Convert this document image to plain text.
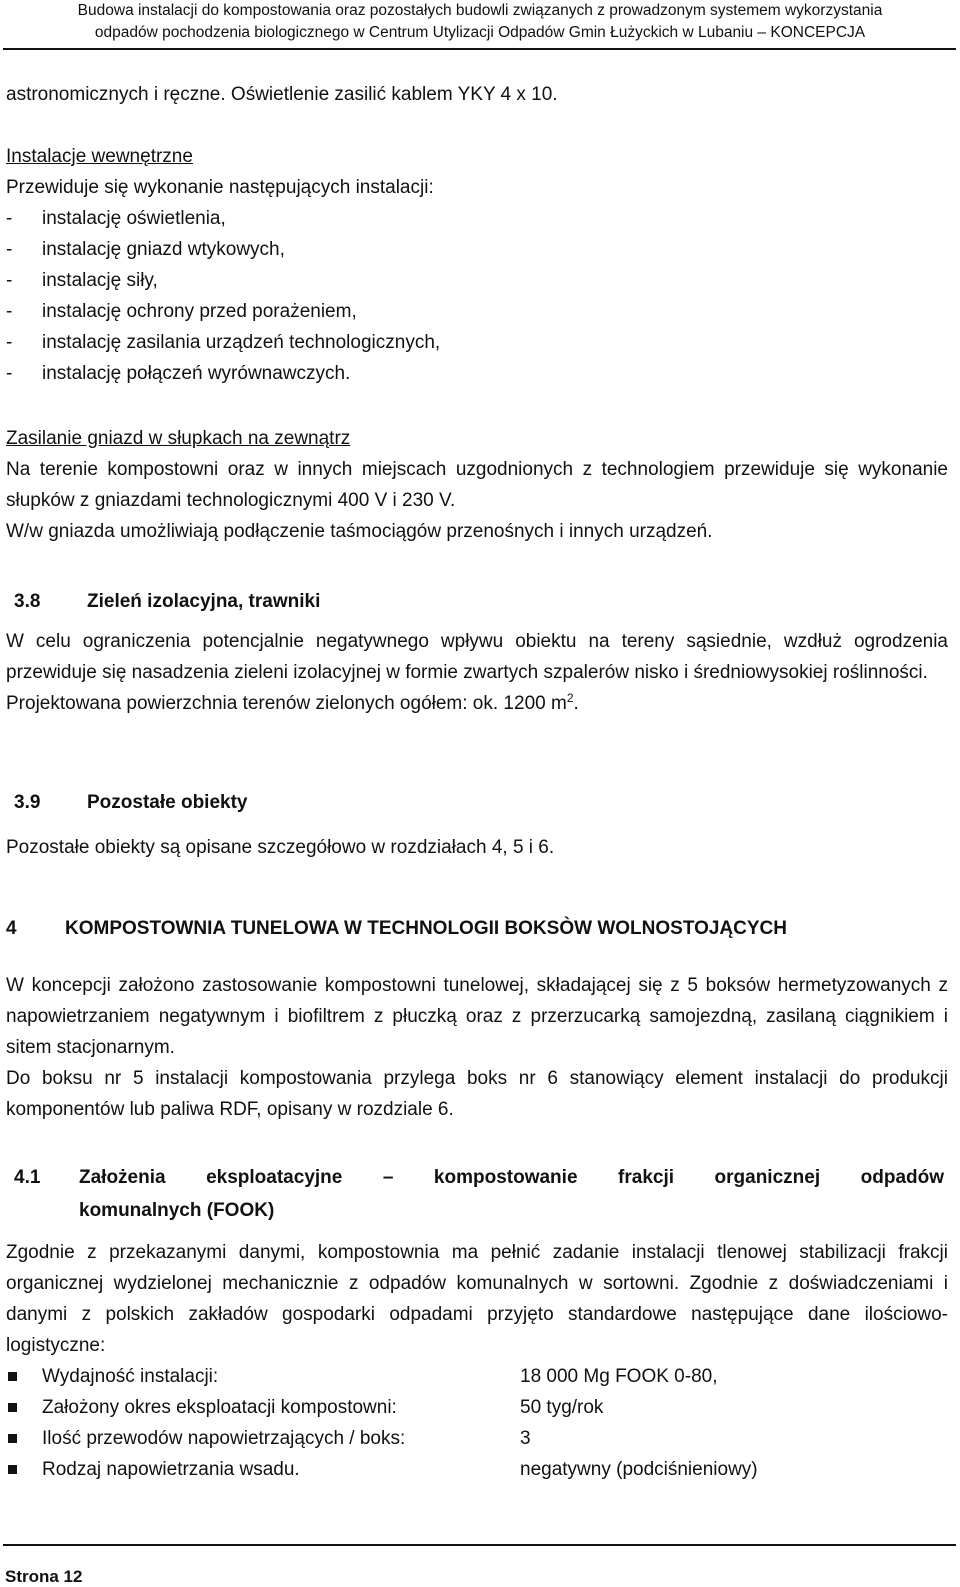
Budowa instalacji do kompostowania oraz pozostałych budowli związanych z prowadzonym systemem wykorzystania
odpadów pochodzenia biologicznego w Centrum Utylizacji Odpadów Gmin Łużyckich w Lubaniu – KONCEPCJA

astronomicznych i ręczne. Oświetlenie zasilić kablem YKY 4 x 10.

Instalacje wewnętrzne

Przewiduje się wykonanie następujących instalacji:

-	instalację oświetlenia,
-	instalację gniazd wtykowych,
-	instalację siły,
-	instalację ochrony przed porażeniem,
-	instalację zasilania urządzeń technologicznych,
-	instalację połączeń wyrównawczych.

Zasilanie gniazd w słupkach na zewnątrz

Na terenie kompostowni oraz w innych miejscach uzgodnionych z technologiem przewiduje się wykonanie słupków z gniazdami technologicznymi 400 V i 230 V.

W/w gniazda umożliwiają podłączenie taśmociągów przenośnych i innych urządzeń.

3.8	Zieleń izolacyjna, trawniki

W celu ograniczenia potencjalnie negatywnego wpływu obiektu na tereny sąsiednie, wzdłuż ogrodzenia przewiduje się nasadzenia zieleni izolacyjnej w formie zwartych szpalerów nisko i średniowysokiej roślinności.

Projektowana powierzchnia terenów zielonych ogółem: ok. 1200 $m^2$.

3.9	Pozostałe obiekty

Pozostałe obiekty są opisane szczegółowo w rozdziałach 4, 5 i 6.

4	KOMPOSTOWNIA TUNELOWA W TECHNOLOGII BOKSÒW WOLNOSTOJĄCYCH

W koncepcji założono zastosowanie kompostowni tunelowej, składającej się z 5 boksów hermetyzowanych z napowietrzaniem negatywnym i biofiltrem z płuczką oraz z przerzucarką samojezdną, zasilaną ciągnikiem i sitem stacjonarnym.

Do boksu nr 5 instalacji kompostowania przylega boks nr 6 stanowiący element instalacji do produkcji komponentów lub paliwa RDF, opisany w rozdziale 6.

4.1 Założenia eksploatacyjne – kompostowanie frakcji organicznej odpadów
komunalnych (FOOK)

Zgodnie z przekazanymi danymi, kompostownia ma pełnić zadanie instalacji tlenowej stabilizacji frakcji organicznej wydzielonej mechanicznie z odpadów komunalnych w sortowni. Zgodnie z doświadczeniami i danymi z polskich zakładów gospodarki odpadami przyjęto standardowe następujące dane ilościowo-logistyczne:

Wydajność instalacji:	18 000 Mg FOOK 0-80,
Założony okres eksploatacji kompostowni:	50 tyg/rok
Ilość przewodów napowietrzających / boks:	3
Rodzaj napowietrzania wsadu.	negatywny (podciśnieniowy)
Strona 12
